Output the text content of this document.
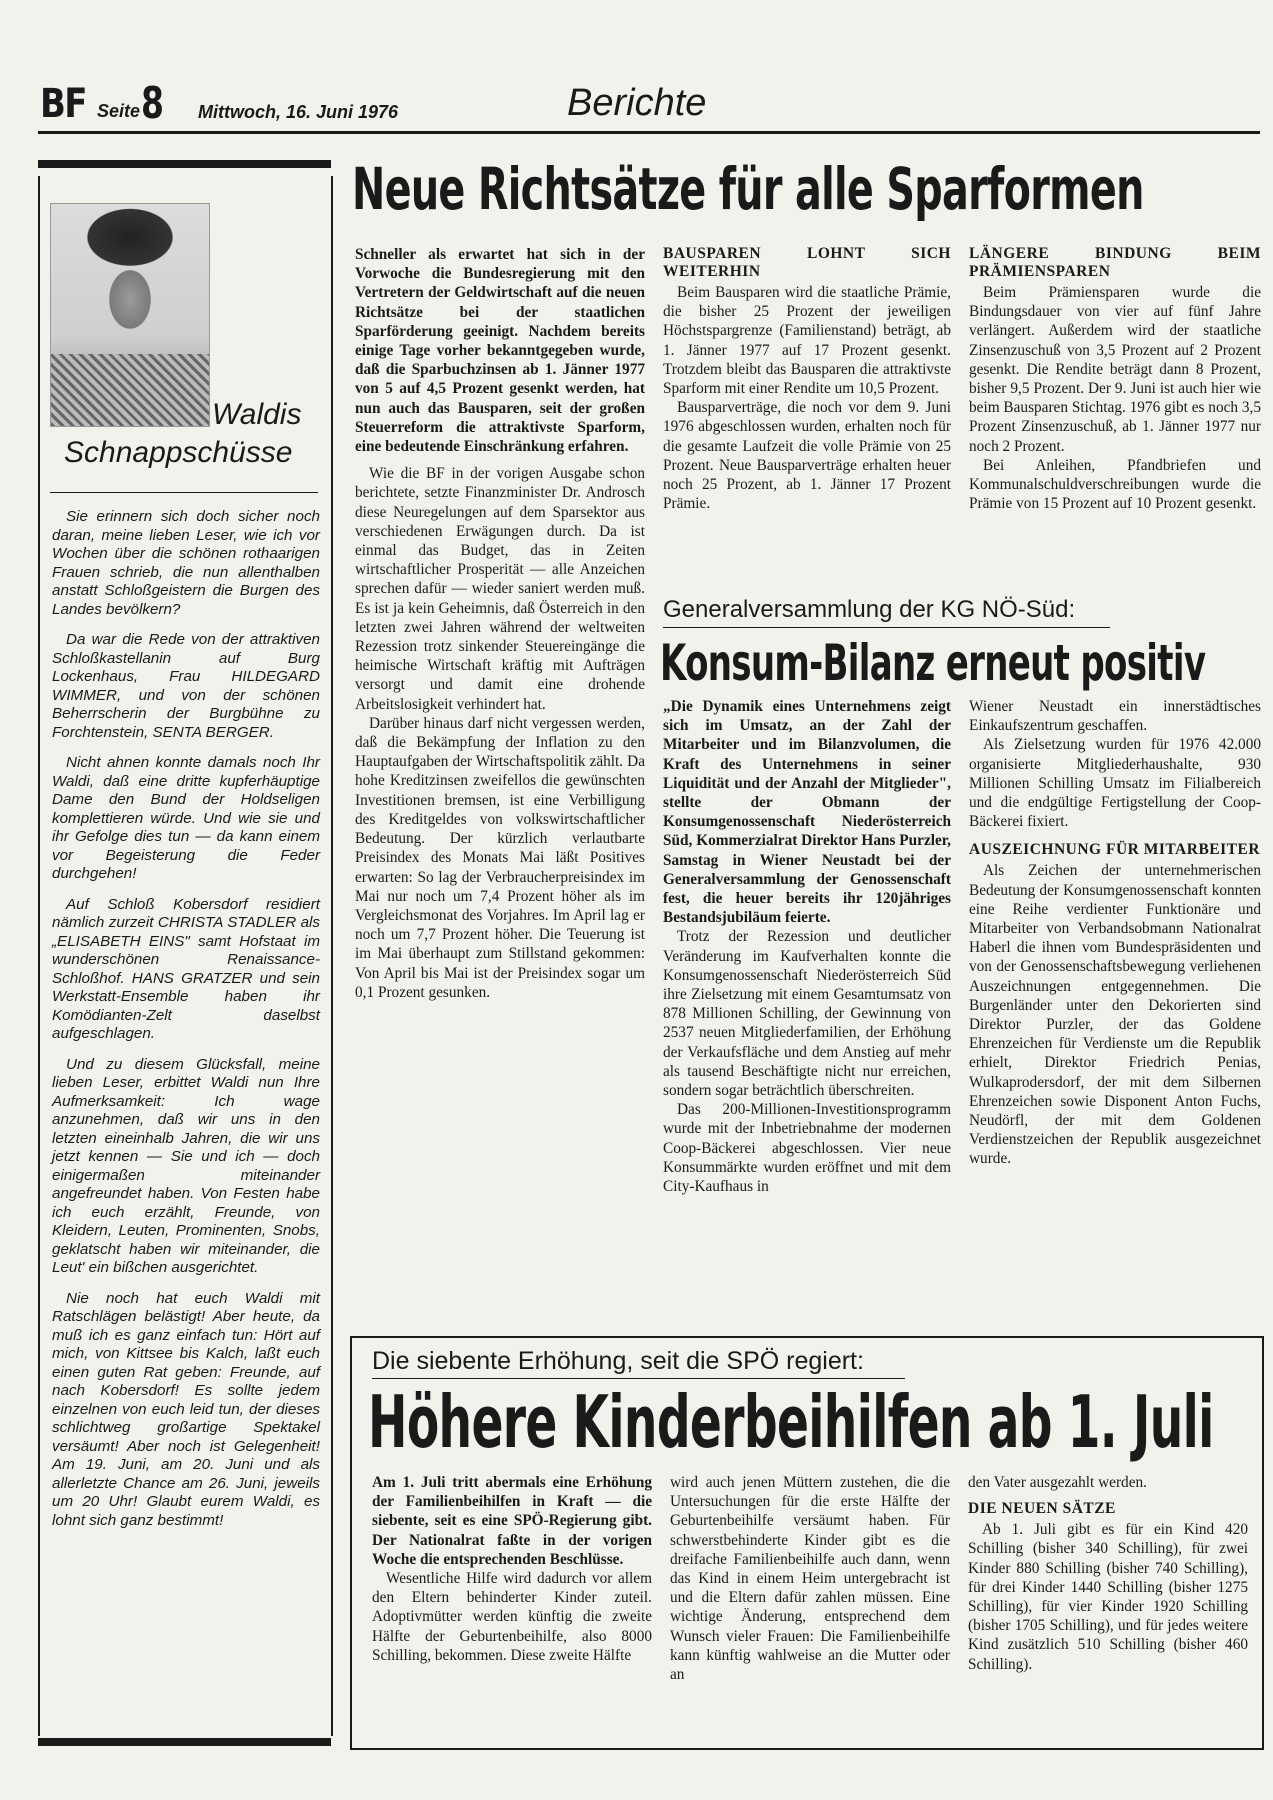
BF Seite 8 Mittwoch, 16. Juni 1976	Berichte
Waldis
Schnappschüsse

Sie erinnern sich doch sicher noch daran, meine lieben Leser, wie ich vor Wochen über die schönen rothaarigen Frauen schrieb, die nun allenthalben anstatt Schloßgeistern die Burgen des Landes bevölkern?

Da war die Rede von der attraktiven Schloßkastellanin auf Burg Lockenhaus, Frau HILDEGARD WIMMER, und von der schönen Beherrscherin der Burgbühne zu Forchtenstein, SENTA BERGER.

Nicht ahnen konnte damals noch Ihr Waldi, daß eine dritte kupferhäuptige Dame den Bund der Holdseligen komplettieren würde. Und wie sie und ihr Gefolge dies tun — da kann einem vor Begeisterung die Feder durchgehen!

Auf Schloß Kobersdorf residiert nämlich zurzeit CHRISTA STADLER als „ELISABETH EINS" samt Hofstaat im wunderschönen Renaissance-Schloßhof. HANS GRATZER und sein Werkstatt-Ensemble haben ihr Komödianten-Zelt daselbst aufgeschlagen.

Und zu diesem Glücksfall, meine lieben Leser, erbittet Waldi nun Ihre Aufmerksamkeit: Ich wage anzunehmen, daß wir uns in den letzten eineinhalb Jahren, die wir uns jetzt kennen — Sie und ich — doch einigermaßen miteinander angefreundet haben. Von Festen habe ich euch erzählt, Freunde, von Kleidern, Leuten, Prominenten, Snobs, geklatscht haben wir miteinander, die Leut' ein bißchen ausgerichtet.

Nie noch hat euch Waldi mit Ratschlägen belästigt! Aber heute, da muß ich es ganz einfach tun: Hört auf mich, von Kittsee bis Kalch, laßt euch einen guten Rat geben: Freunde, auf nach Kobersdorf! Es sollte jedem einzelnen von euch leid tun, der dieses schlichtweg großartige Spektakel versäumt! Aber noch ist Gelegenheit! Am 19. Juni, am 20. Juni und als allerletzte Chance am 26. Juni, jeweils um 20 Uhr! Glaubt eurem Waldi, es lohnt sich ganz bestimmt!

Neue Richtsätze für alle Sparformen

Schneller als erwartet hat sich in der Vorwoche die Bundesregierung mit den Vertretern der Geldwirtschaft auf die neuen Richtsätze bei der staatlichen Sparförderung geeinigt. Nachdem bereits einige Tage vorher bekanntgegeben wurde, daß die Sparbuchzinsen ab 1. Jänner 1977 von 5 auf 4,5 Prozent gesenkt werden, hat nun auch das Bausparen, seit der großen Steuerreform die attraktivste Sparform, eine bedeutende Einschränkung erfahren.

Wie die BF in der vorigen Ausgabe schon berichtete, setzte Finanzminister Dr. Androsch diese Neuregelungen auf dem Sparsektor aus verschiedenen Erwägungen durch. Da ist einmal das Budget, das in Zeiten wirtschaftlicher Prosperität — alle Anzeichen sprechen dafür — wieder saniert werden muß. Es ist ja kein Geheimnis, daß Österreich in den letzten zwei Jahren während der weltweiten Rezession trotz sinkender Steuereingänge die heimische Wirtschaft kräftig mit Aufträgen versorgt und damit eine drohende Arbeitslosigkeit verhindert hat.

Darüber hinaus darf nicht vergessen werden, daß die Bekämpfung der Inflation zu den Hauptaufgaben der Wirtschaftspolitik zählt. Da hohe Kreditzinsen zweifellos die gewünschten Investitionen bremsen, ist eine Verbilligung des Kreditgeldes von volkswirtschaftlicher Bedeutung. Der kürzlich verlautbarte Preisindex des Monats Mai läßt Positives erwarten: So lag der Verbraucherpreisindex im Mai nur noch um 7,4 Prozent höher als im Vergleichsmonat des Vorjahres. Im April lag er noch um 7,7 Prozent höher. Die Teuerung ist im Mai überhaupt zum Stillstand gekommen: Von April bis Mai ist der Preisindex sogar um 0,1 Prozent gesunken.

BAUSPAREN LOHNT SICH WEITERHIN

Beim Bausparen wird die staatliche Prämie, die bisher 25 Prozent der jeweiligen Höchstspargrenze (Familienstand) beträgt, ab 1. Jänner 1977 auf 17 Prozent gesenkt. Trotzdem bleibt das Bausparen die attraktivste Sparform mit einer Rendite um 10,5 Prozent.

Bausparverträge, die noch vor dem 9. Juni 1976 abgeschlossen wurden, erhalten noch für die gesamte Laufzeit die volle Prämie von 25 Prozent. Neue Bausparverträge erhalten heuer noch 25 Prozent, ab 1. Jänner 17 Prozent Prämie.

LÄNGERE BINDUNG BEIM PRÄMIENSPAREN

Beim Prämiensparen wurde die Bindungsdauer von vier auf fünf Jahre verlängert. Außerdem wird der staatliche Zinsenzuschuß von 3,5 Prozent auf 2 Prozent gesenkt. Die Rendite beträgt dann 8 Prozent, bisher 9,5 Prozent. Der 9. Juni ist auch hier wie beim Bausparen Stichtag. 1976 gibt es noch 3,5 Prozent Zinsenzuschuß, ab 1. Jänner 1977 nur noch 2 Prozent.

Bei Anleihen, Pfandbriefen und Kommunalschuldverschreibungen wurde die Prämie von 15 Prozent auf 10 Prozent gesenkt.

Generalversammlung der KG NÖ-Süd:
Konsum-Bilanz erneut positiv

„Die Dynamik eines Unternehmens zeigt sich im Umsatz, an der Zahl der Mitarbeiter und im Bilanzvolumen, die Kraft des Unternehmens in seiner Liquidität und der Anzahl der Mitglieder", stellte der Obmann der Konsumgenossenschaft Niederösterreich Süd, Kommerzialrat Direktor Hans Purzler, Samstag in Wiener Neustadt bei der Generalversammlung der Genossenschaft fest, die heuer bereits ihr 120jähriges Bestandsjubiläum feierte.

Trotz der Rezession und deutlicher Veränderung im Kaufverhalten konnte die Konsumgenossenschaft Niederösterreich Süd ihre Zielsetzung mit einem Gesamtumsatz von 878 Millionen Schilling, der Gewinnung von 2537 neuen Mitgliederfamilien, der Erhöhung der Verkaufsfläche und dem Anstieg auf mehr als tausend Beschäftigte nicht nur erreichen, sondern sogar beträchtlich überschreiten.

Das 200-Millionen-Investitionsprogramm wurde mit der Inbetriebnahme der modernen Coop-Bäckerei abgeschlossen. Vier neue Konsummärkte wurden eröffnet und mit dem City-Kaufhaus in

Wiener Neustadt ein innerstädtisches Einkaufszentrum geschaffen.

Als Zielsetzung wurden für 1976 42.000 organisierte Mitgliederhaushalte, 930 Millionen Schilling Umsatz im Filialbereich und die endgültige Fertigstellung der Coop-Bäckerei fixiert.

AUSZEICHNUNG FÜR MITARBEITER

Als Zeichen der unternehmerischen Bedeutung der Konsumgenossenschaft konnten eine Reihe verdienter Funktionäre und Mitarbeiter von Verbandsobmann Nationalrat Haberl die ihnen vom Bundespräsidenten und von der Genossenschaftsbewegung verliehenen Auszeichnungen entgegennehmen. Die Burgenländer unter den Dekorierten sind Direktor Purzler, der das Goldene Ehrenzeichen für Verdienste um die Republik erhielt, Direktor Friedrich Penias, Wulkaprodersdorf, der mit dem Silbernen Ehrenzeichen sowie Disponent Anton Fuchs, Neudörfl, der mit dem Goldenen Verdienstzeichen der Republik ausgezeichnet wurde.

Die siebente Erhöhung, seit die SPÖ regiert:
Höhere Kinderbeihilfen ab 1. Juli

Am 1. Juli tritt abermals eine Erhöhung der Familienbeihilfen in Kraft — die siebente, seit es eine SPÖ-Regierung gibt. Der Nationalrat faßte in der vorigen Woche die entsprechenden Beschlüsse.

Wesentliche Hilfe wird dadurch vor allem den Eltern behinderter Kinder zuteil. Adoptivmütter werden künftig die zweite Hälfte der Geburtenbeihilfe, also 8000 Schilling, bekommen. Diese zweite Hälfte

wird auch jenen Müttern zustehen, die die Untersuchungen für die erste Hälfte der Geburtenbeihilfe versäumt haben. Für schwerstbehinderte Kinder gibt es die dreifache Familienbeihilfe auch dann, wenn das Kind in einem Heim untergebracht ist und die Eltern dafür zahlen müssen. Eine wichtige Änderung, entsprechend dem Wunsch vieler Frauen: Die Familienbeihilfe kann künftig wahlweise an die Mutter oder an

den Vater ausgezahlt werden.

DIE NEUEN SÄTZE

Ab 1. Juli gibt es für ein Kind 420 Schilling (bisher 340 Schilling), für zwei Kinder 880 Schilling (bisher 740 Schilling), für drei Kinder 1440 Schilling (bisher 1275 Schilling), für vier Kinder 1920 Schilling (bisher 1705 Schilling), und für jedes weitere Kind zusätzlich 510 Schilling (bisher 460 Schilling).
